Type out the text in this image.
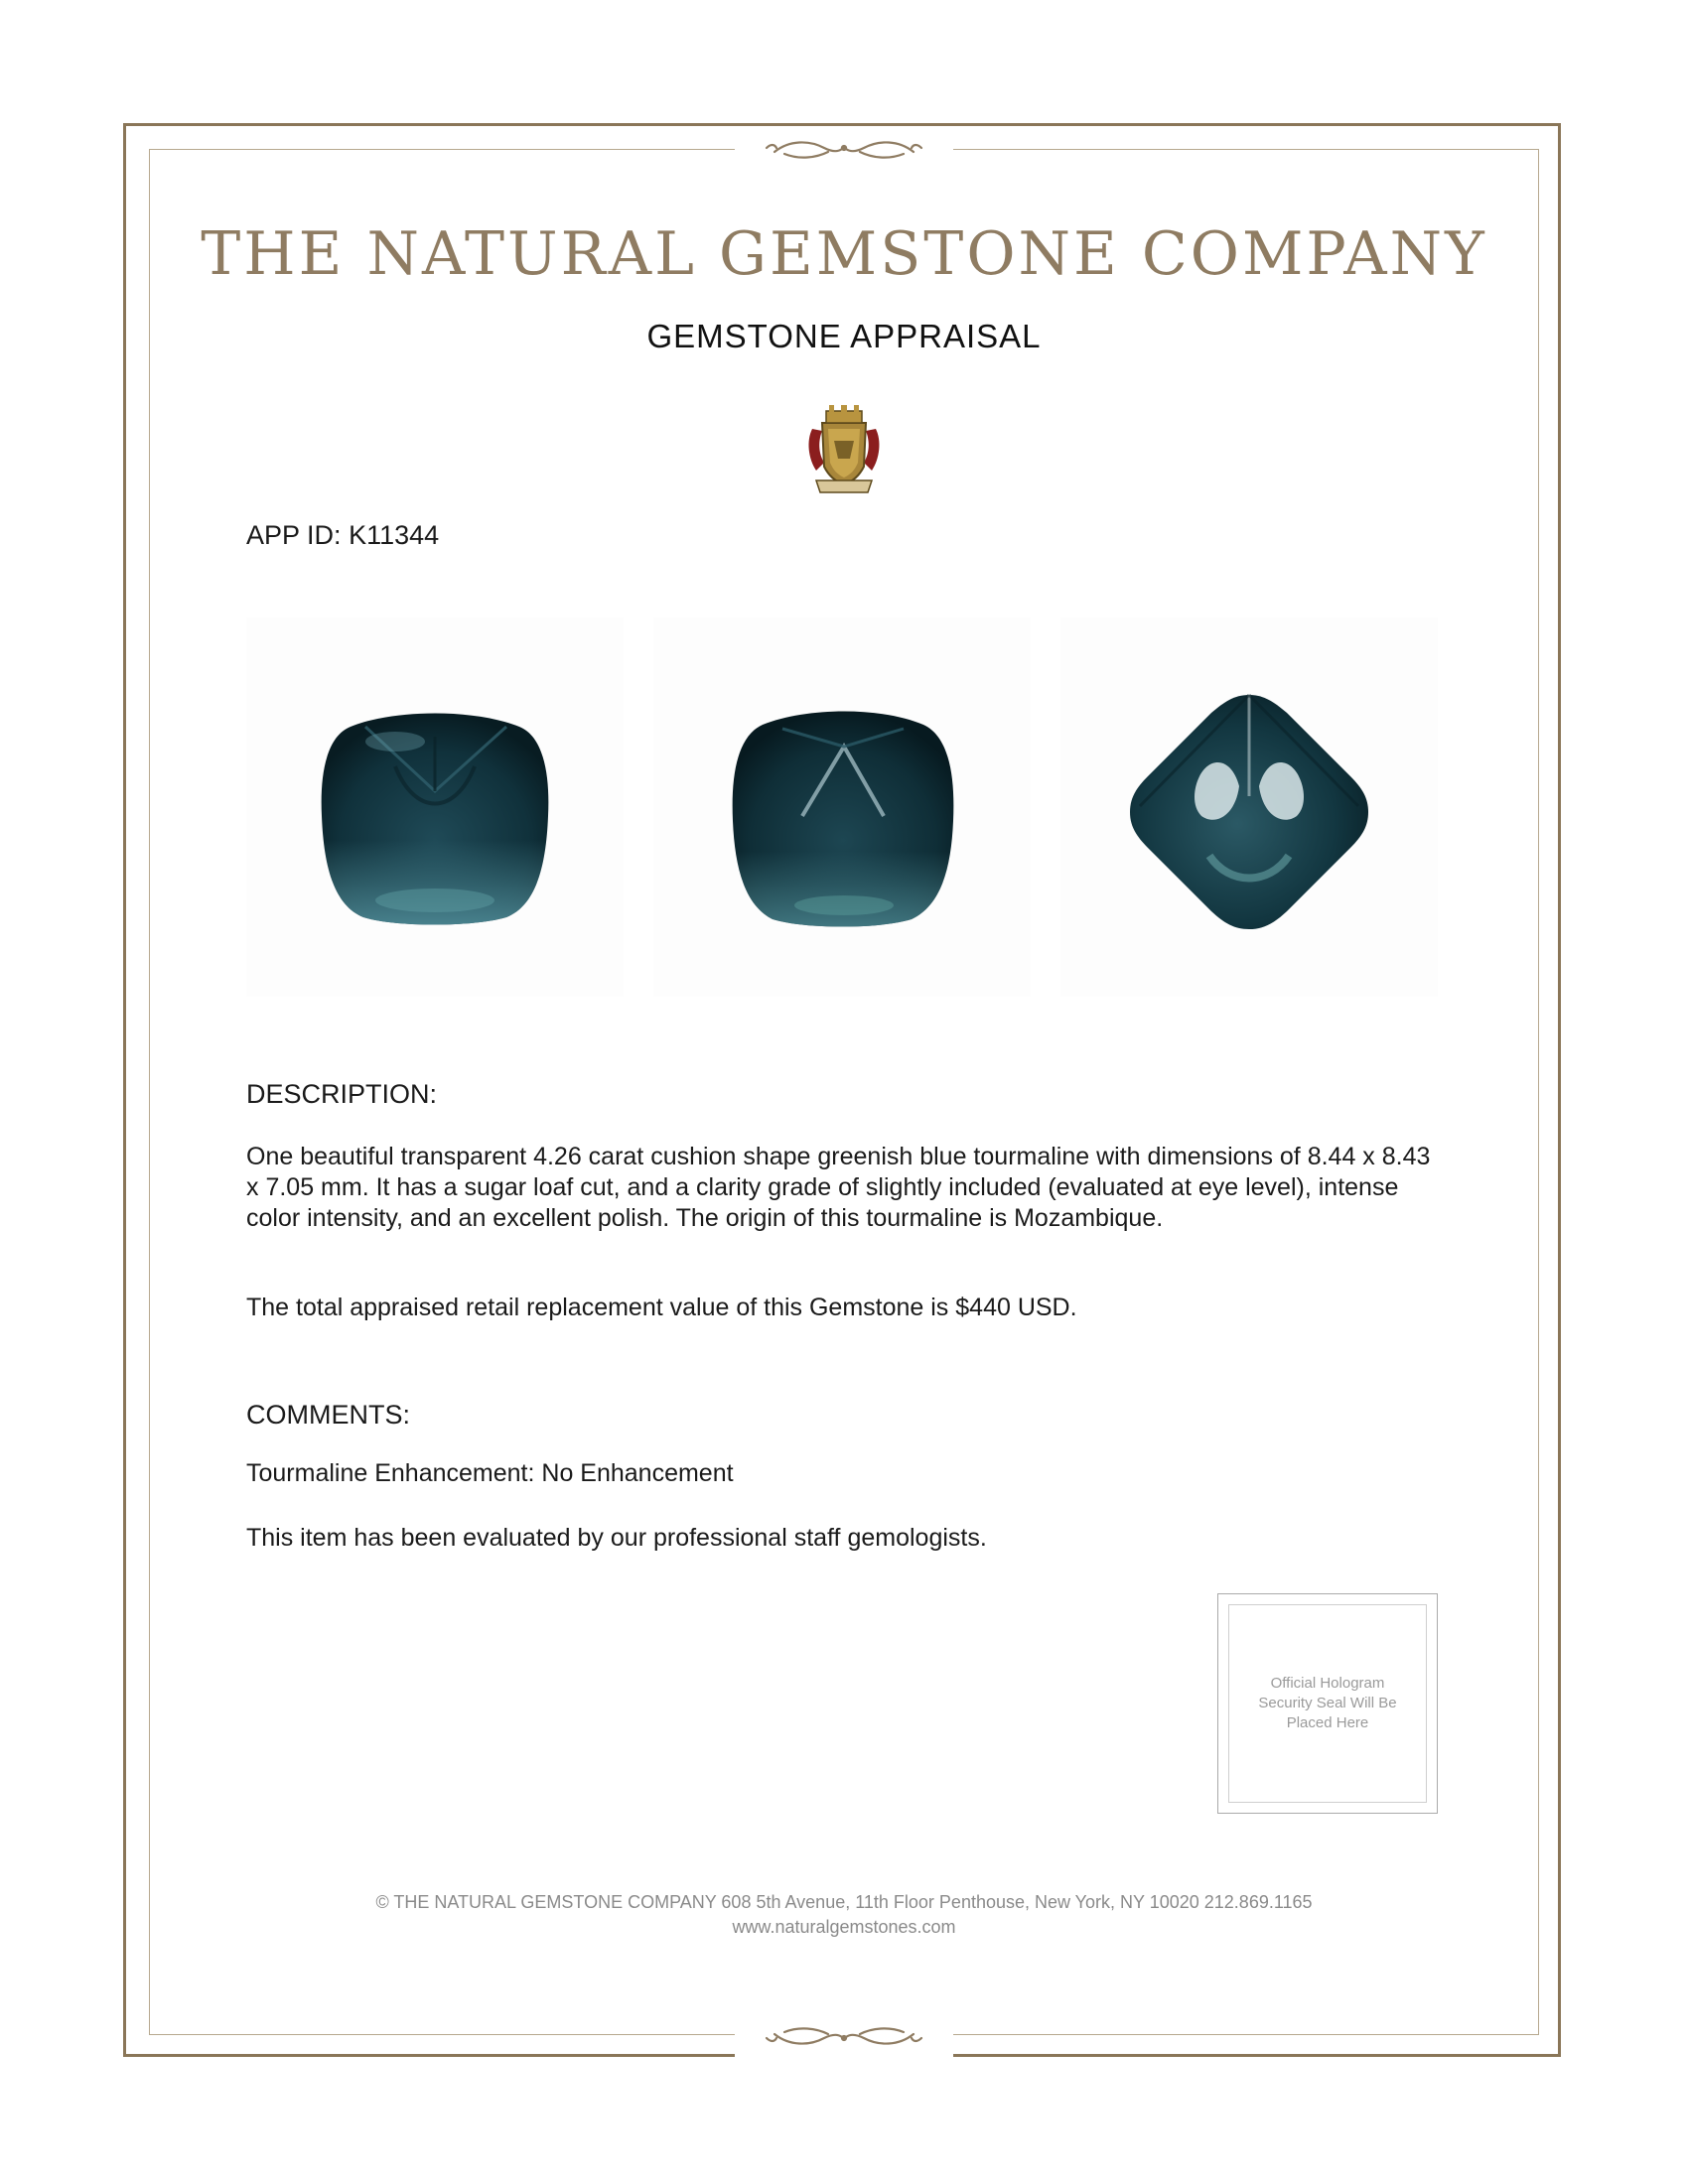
THE NATURAL GEMSTONE COMPANY
GEMSTONE APPRAISAL
APP ID: K11344
DESCRIPTION:
One beautiful transparent 4.26 carat cushion shape greenish blue tourmaline with dimensions of 8.44 x 8.43 x 7.05 mm. It has a sugar loaf cut, and a clarity grade of slightly included (evaluated at eye level), intense color intensity, and an excellent polish. The origin of this tourmaline is Mozambique.
The total appraised retail replacement value of this Gemstone is $440 USD.
COMMENTS:
Tourmaline Enhancement: No Enhancement
This item has been evaluated by our professional staff gemologists.
Official Hologram Security Seal Will Be Placed Here
© THE NATURAL GEMSTONE COMPANY 608 5th Avenue, 11th Floor Penthouse, New York, NY 10020 212.869.1165
www.naturalgemstones.com
